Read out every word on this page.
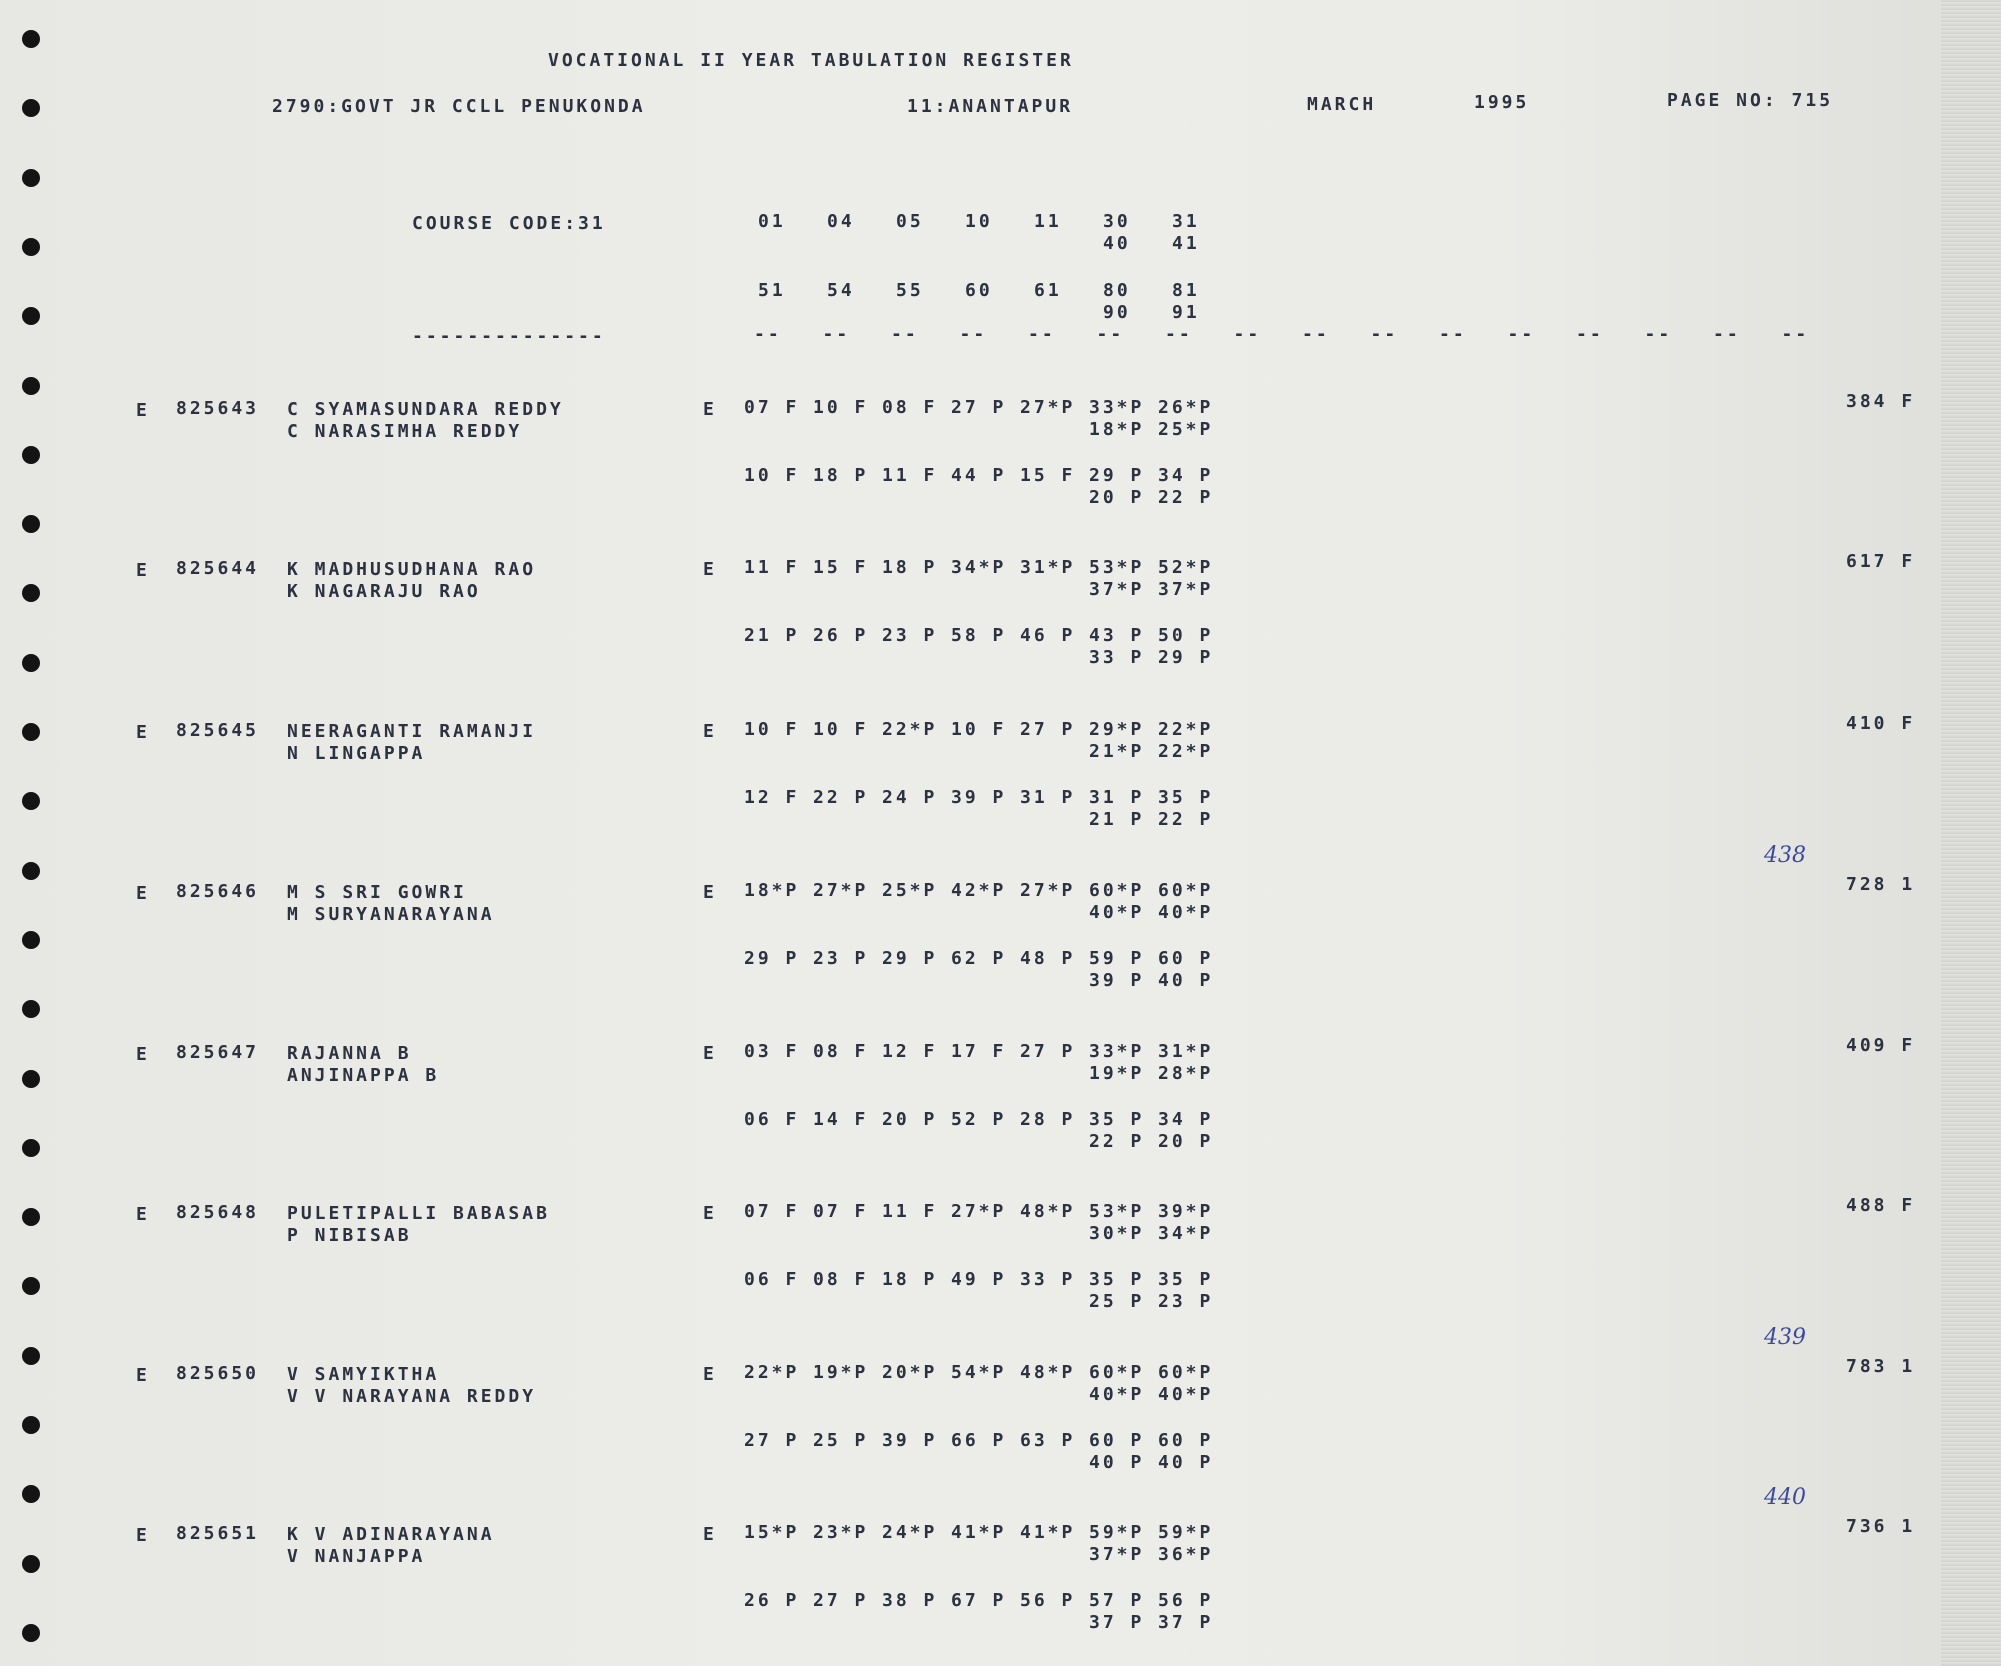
VOCATIONAL II YEAR TABULATION REGISTER
2790:GOVT JR CCLL PENUKONDA	11:ANANTAPUR	MARCH	1995	PAGE NO: 715
COURSE CODE:31
--------------
01 04 05 10 11 30 31
40 41
51 54 55 60 61 80 81
90 91
-- -- -- -- -- -- -- -- -- -- -- -- -- -- -- --
E 825643 C SYAMASUNDARA REDDY
C NARASIMHA REDDY
E 07 F 10 F 08 F 27 P 27*P 33*P 26*P
18*P 25*P
10 F 18 P 11 F 44 P 15 F 29 P 34 P
20 P 22 P
384 F
E 825644 K MADHUSUDHANA RAO
K NAGARAJU RAO
E 11 F 15 F 18 P 34*P 31*P 53*P 52*P
37*P 37*P
21 P 26 P 23 P 58 P 46 P 43 P 50 P
33 P 29 P
617 F
E 825645 NEERAGANTI RAMANJI
N LINGAPPA
E 10 F 10 F 22*P 10 F 27 P 29*P 22*P
21*P 22*P
12 F 22 P 24 P 39 P 31 P 31 P 35 P
21 P 22 P
410 F
E 825646 M S SRI GOWRI
M SURYANARAYANA
E 18*P 27*P 25*P 42*P 27*P 60*P 60*P
40*P 40*P
29 P 23 P 29 P 62 P 48 P 59 P 60 P
39 P 40 P
728 1
438
E 825647 RAJANNA B
ANJINAPPA B
E 03 F 08 F 12 F 17 F 27 P 33*P 31*P
19*P 28*P
06 F 14 F 20 P 52 P 28 P 35 P 34 P
22 P 20 P
409 F
E 825648 PULETIPALLI BABASAB
P NIBISAB
E 07 F 07 F 11 F 27*P 48*P 53*P 39*P
30*P 34*P
06 F 08 F 18 P 49 P 33 P 35 P 35 P
25 P 23 P
488 F
E 825650 V SAMYIKTHA
V V NARAYANA REDDY
E 22*P 19*P 20*P 54*P 48*P 60*P 60*P
40*P 40*P
27 P 25 P 39 P 66 P 63 P 60 P 60 P
40 P 40 P
783 1
439
E 825651 K V ADINARAYANA
V NANJAPPA
E 15*P 23*P 24*P 41*P 41*P 59*P 59*P
37*P 36*P
26 P 27 P 38 P 67 P 56 P 57 P 56 P
37 P 37 P
736 1
440
